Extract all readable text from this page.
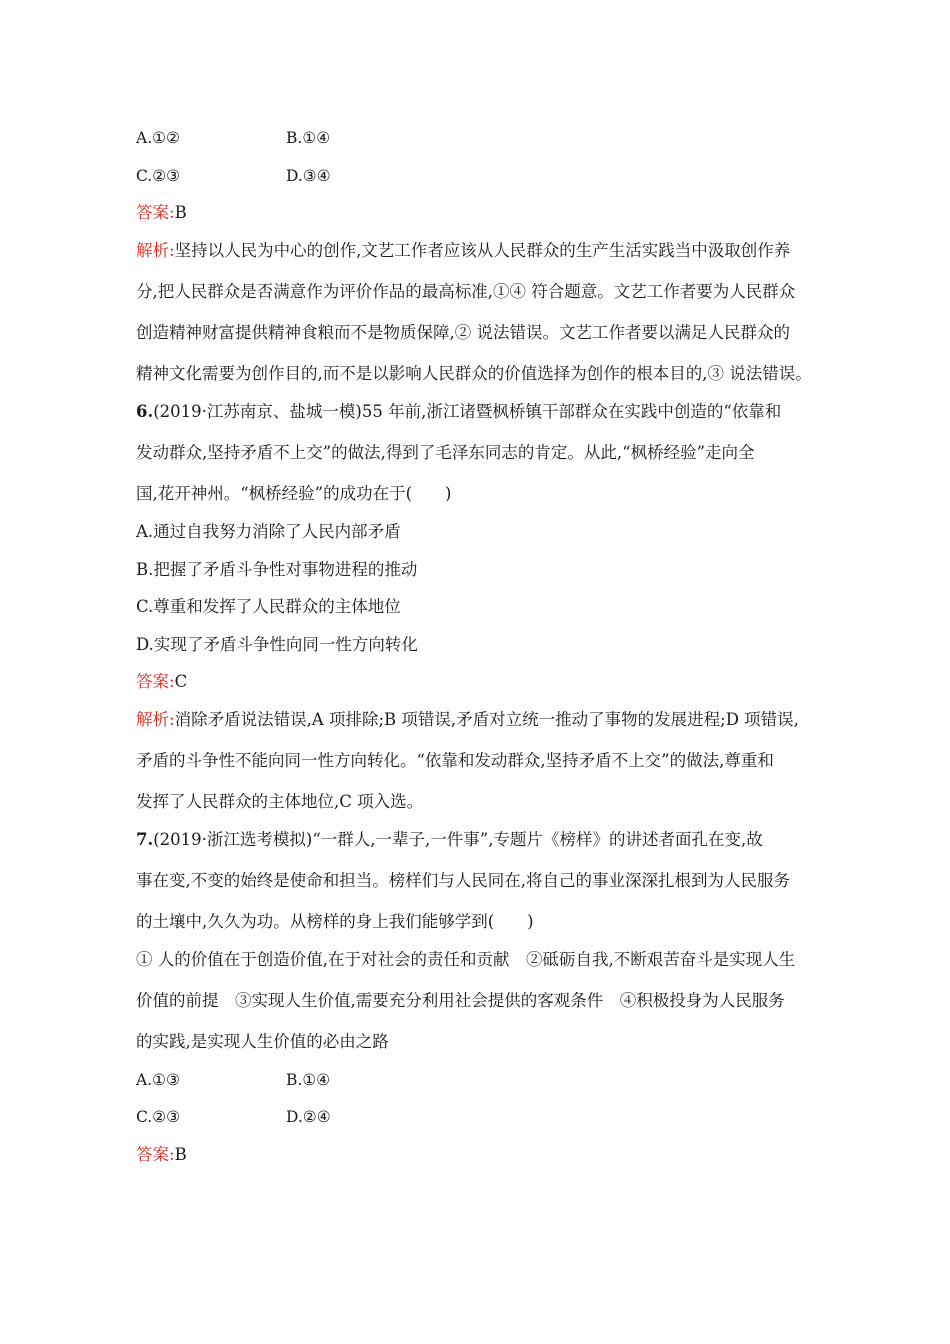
A.①②	B.①④
C.②③	D.③④
答案:B
解析:坚持以人民为中心的创作,文艺工作者应该从人民群众的生产生活实践当中汲取创作养
分,把人民群众是否满意作为评价作品的最高标准,①④ 符合题意。文艺工作者要为人民群众
创造精神财富提供精神食粮而不是物质保障,② 说法错误。文艺工作者要以满足人民群众的
精神文化需要为创作目的,而不是以影响人民群众的价值选择为创作的根本目的,③ 说法错误。
6.(2019·江苏南京、盐城一模)55 年前,浙江诸暨枫桥镇干部群众在实践中创造的“依靠和
发动群众,坚持矛盾不上交”的做法,得到了毛泽东同志的肯定。从此,“枫桥经验”走向全
国,花开神州。“枫桥经验”的成功在于(　　)
A.通过自我努力消除了人民内部矛盾
B.把握了矛盾斗争性对事物进程的推动
C.尊重和发挥了人民群众的主体地位
D.实现了矛盾斗争性向同一性方向转化
答案:C
解析:消除矛盾说法错误,A 项排除;B 项错误,矛盾对立统一推动了事物的发展进程;D 项错误,
矛盾的斗争性不能向同一性方向转化。“依靠和发动群众,坚持矛盾不上交”的做法,尊重和
发挥了人民群众的主体地位,C 项入选。
7.(2019·浙江选考模拟)“一群人,一辈子,一件事”,专题片《榜样》的讲述者面孔在变,故
事在变,不变的始终是使命和担当。榜样们与人民同在,将自己的事业深深扎根到为人民服务
的土壤中,久久为功。从榜样的身上我们能够学到(　　)
① 人的价值在于创造价值,在于对社会的责任和贡献　②砥砺自我,不断艰苦奋斗是实现人生
价值的前提　③实现人生价值,需要充分利用社会提供的客观条件　④积极投身为人民服务
的实践,是实现人生价值的必由之路
A.①③	B.①④
C.②③	D.②④
答案:B
